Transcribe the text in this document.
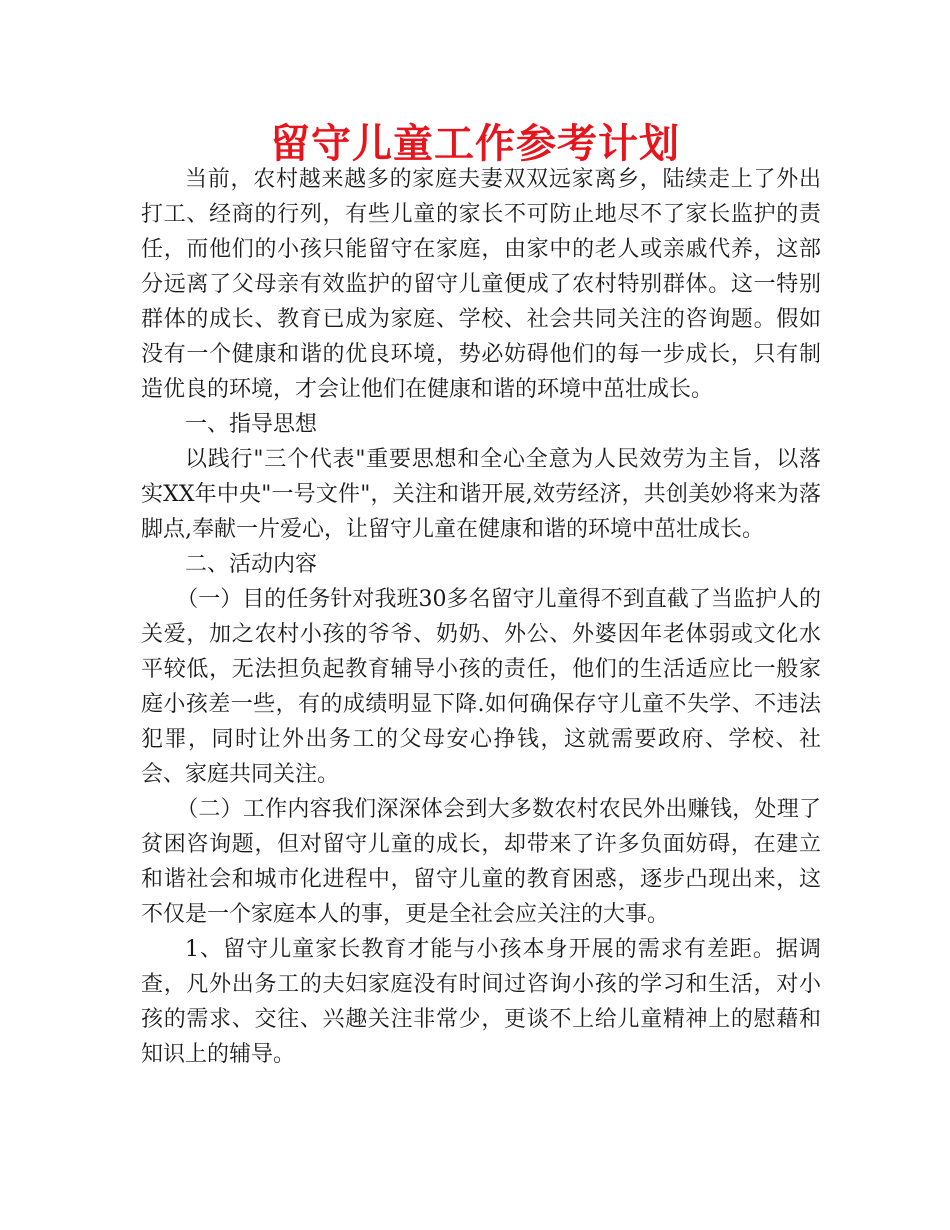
留守儿童工作参考计划

当前，农村越来越多的家庭夫妻双双远家离乡，陆续走上了外出打工、经商的行列，有些儿童的家长不可防止地尽不了家长监护的责任，而他们的小孩只能留守在家庭，由家中的老人或亲戚代养，这部分远离了父母亲有效监护的留守儿童便成了农村特别群体。这一特别群体的成长、教育已成为家庭、学校、社会共同关注的咨询题。假如没有一个健康和谐的优良环境，势必妨碍他们的每一步成长，只有制造优良的环境，才会让他们在健康和谐的环境中茁壮成长。

一、指导思想

以践行"三个代表"重要思想和全心全意为人民效劳为主旨，以落实XX年中央"一号文件"，关注和谐开展,效劳经济，共创美妙将来为落脚点,奉献一片爱心，让留守儿童在健康和谐的环境中茁壮成长。

二、活动内容

（一）目的任务针对我班30多名留守儿童得不到直截了当监护人的关爱，加之农村小孩的爷爷、奶奶、外公、外婆因年老体弱或文化水平较低，无法担负起教育辅导小孩的责任，他们的生活适应比一般家庭小孩差一些，有的成绩明显下降.如何确保存守儿童不失学、不违法犯罪，同时让外出务工的父母安心挣钱，这就需要政府、学校、社会、家庭共同关注。

（二）工作内容我们深深体会到大多数农村农民外出赚钱，处理了贫困咨询题，但对留守儿童的成长，却带来了许多负面妨碍，在建立和谐社会和城市化进程中，留守儿童的教育困惑，逐步凸现出来，这不仅是一个家庭本人的事，更是全社会应关注的大事。

1、留守儿童家长教育才能与小孩本身开展的需求有差距。据调查，凡外出务工的夫妇家庭没有时间过咨询小孩的学习和生活，对小孩的需求、交往、兴趣关注非常少，更谈不上给儿童精神上的慰藉和知识上的辅导。
